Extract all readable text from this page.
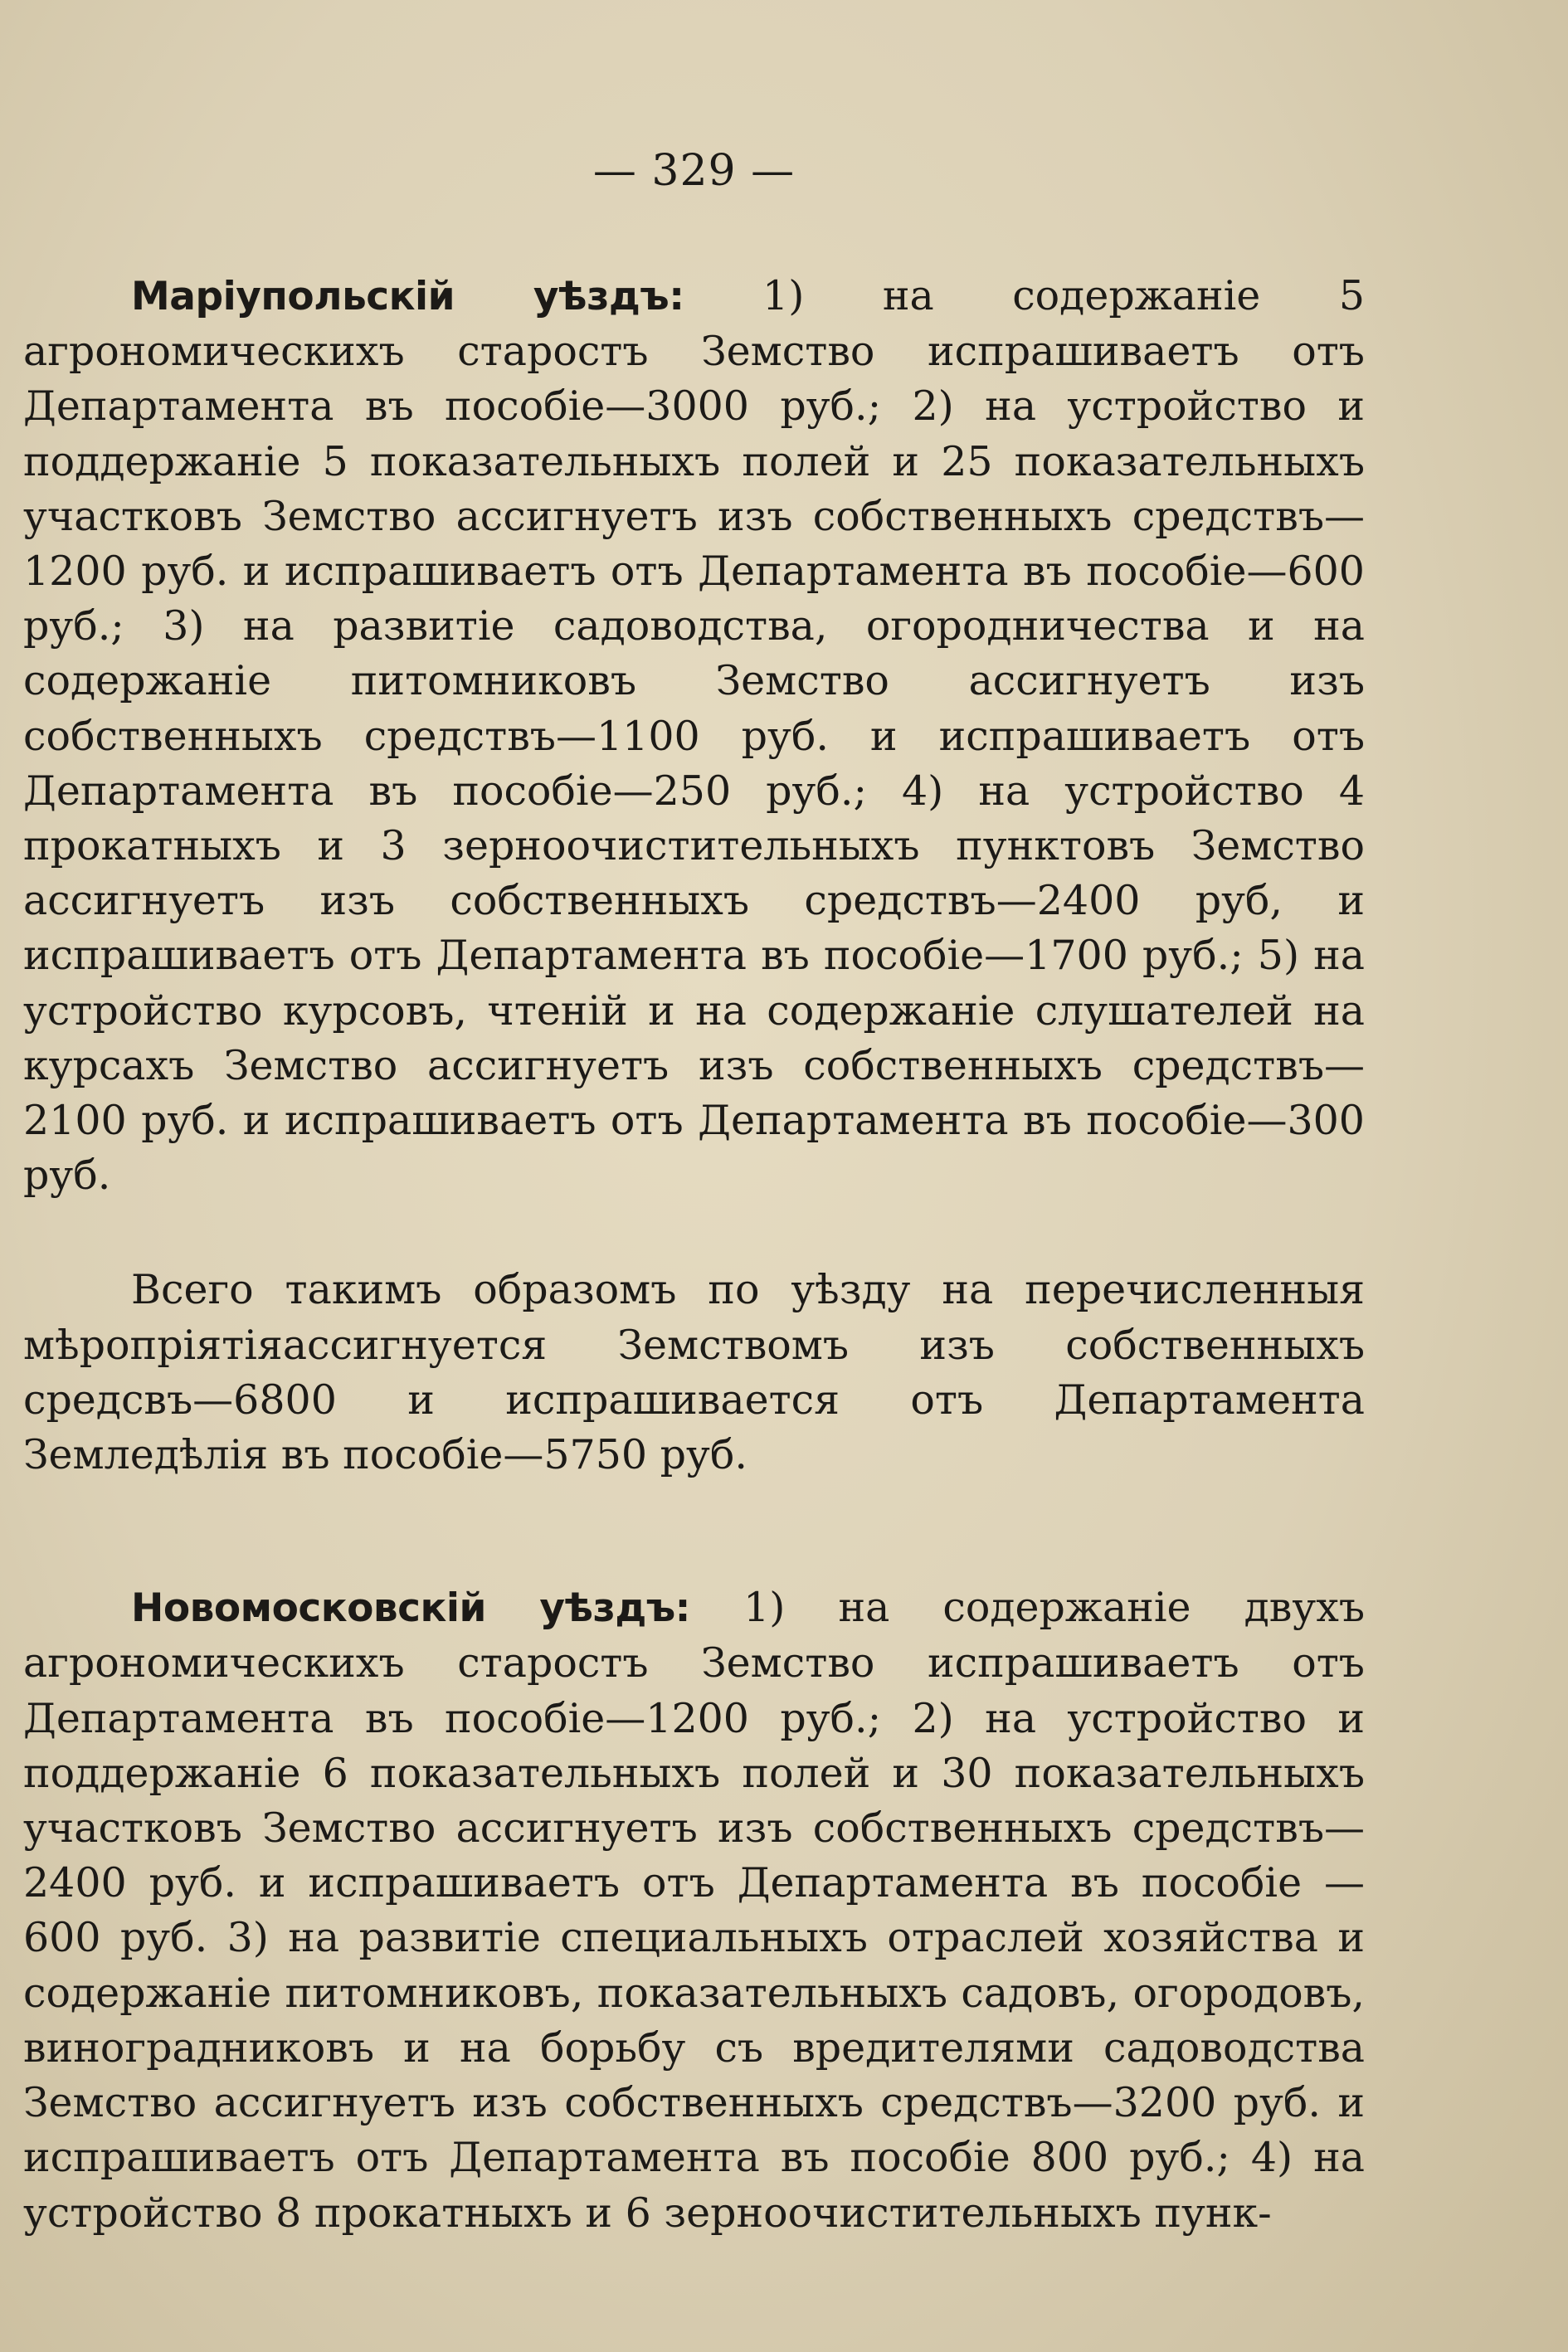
— 329 —

Маріупольскій уѣздъ: 1) на содержаніе 5 агрономическихъ старостъ Земство испрашиваетъ отъ Департамента въ пособіе—3000 руб.; 2) на устройство и поддержаніе 5 показательныхъ полей и 25 показательныхъ участковъ Земство ассигнуетъ изъ собственныхъ средствъ—1200 руб. и испрашиваетъ отъ Департамента въ пособіе—600 руб.; 3) на развитіе садоводства, огородничества и на содержаніе питомниковъ Земство ассигнуетъ изъ собственныхъ средствъ—1100 руб. и испрашиваетъ отъ Департамента въ пособіе—250 руб.; 4) на устройство 4 прокатныхъ и 3 зерноочистительныхъ пунктовъ Земство ассигнуетъ изъ собственныхъ средствъ—2400 руб, и испрашиваетъ отъ Департамента въ пособіе—1700 руб.; 5) на устройство курсовъ, чтеній и на содержаніе слушателей на курсахъ Земство ассигнуетъ изъ собственныхъ средствъ—2100 руб. и испрашиваетъ отъ Департамента въ пособіе—300 руб.

Всего такимъ образомъ по уѣзду на перечисленныя мѣропріятіяассигнуется Земствомъ изъ собственныхъ средсвъ—6800 и испрашивается отъ Департамента Земледѣлія въ пособіе—5750 руб.

Новомосковскій уѣздъ: 1) на содержаніе двухъ агрономическихъ старостъ Земство испрашиваетъ отъ Департамента въ пособіе—1200 руб.; 2) на устройство и поддержаніе 6 показательныхъ полей и 30 показательныхъ участковъ Земство ассигнуетъ изъ собственныхъ средствъ—2400 руб. и испрашиваетъ отъ Департамента въ пособіе — 600 руб. 3) на развитіе специальныхъ отраслей хозяйства и содержаніе питомниковъ, показательныхъ садовъ, огородовъ, виноградниковъ и на борьбу съ вредителями садоводства Земство ассигнуетъ изъ собственныхъ средствъ—3200 руб. и испрашиваетъ отъ Департамента въ пособіе 800 руб.; 4) на устройство 8 прокатныхъ и 6 зерноочистительныхъ пунк-
